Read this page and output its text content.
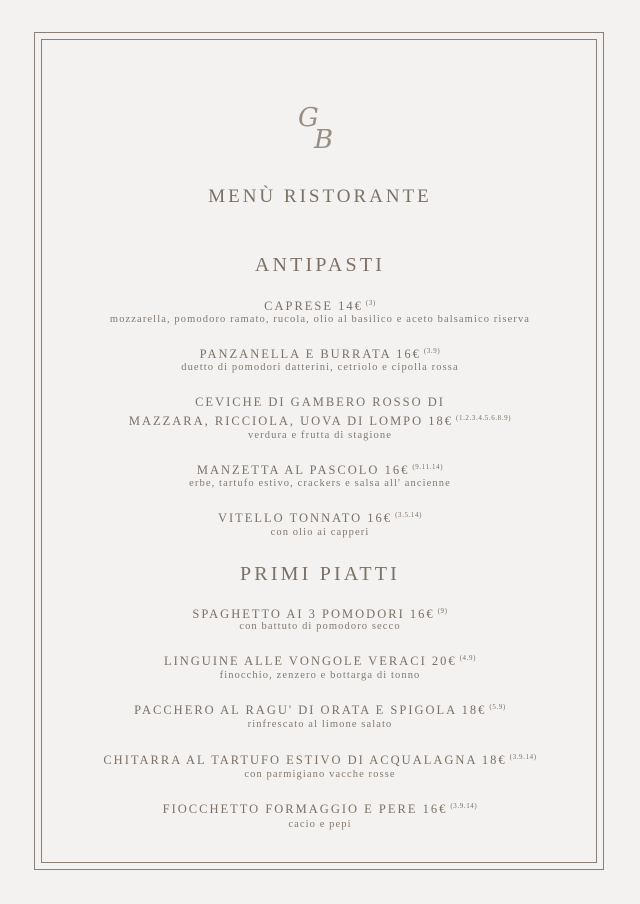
G
B
MENÙ RISTORANTE
ANTIPASTI
CAPRESE 14€ $^{(3)}$
mozzarella, pomodoro ramato, rucola, olio al basilico e aceto balsamico riserva
PANZANELLA E BURRATA 16€ $^{(3.9)}$
duetto di pomodori datterini, cetriolo e cipolla rossa
CEVICHE DI GAMBERO ROSSO DI
MAZZARA, RICCIOLA, UOVA DI LOMPO 18€ $^{(1.2.3.4.5.6.8.9)}$
verdura e frutta di stagione
MANZETTA AL PASCOLO 16€ $^{(9.11.14)}$
erbe, tartufo estivo, crackers e salsa all' ancienne
VITELLO TONNATO 16€ $^{(3.5.14)}$
con olio ai capperi
PRIMI PIATTI
SPAGHETTO AI 3 POMODORI 16€ $^{(9)}$
con battuto di pomodoro secco
LINGUINE ALLE VONGOLE VERACI 20€ $^{(4.9)}$
finocchio, zenzero e bottarga di tonno
PACCHERO AL RAGU' DI ORATA E SPIGOLA 18€ $^{(5.9)}$
rinfrescato al limone salato
CHITARRA AL TARTUFO ESTIVO DI ACQUALAGNA 18€ $^{(3.9.14)}$
con parmigiano vacche rosse
FIOCCHETTO FORMAGGIO E PERE 16€ $^{(3.9.14)}$
cacio e pepi
